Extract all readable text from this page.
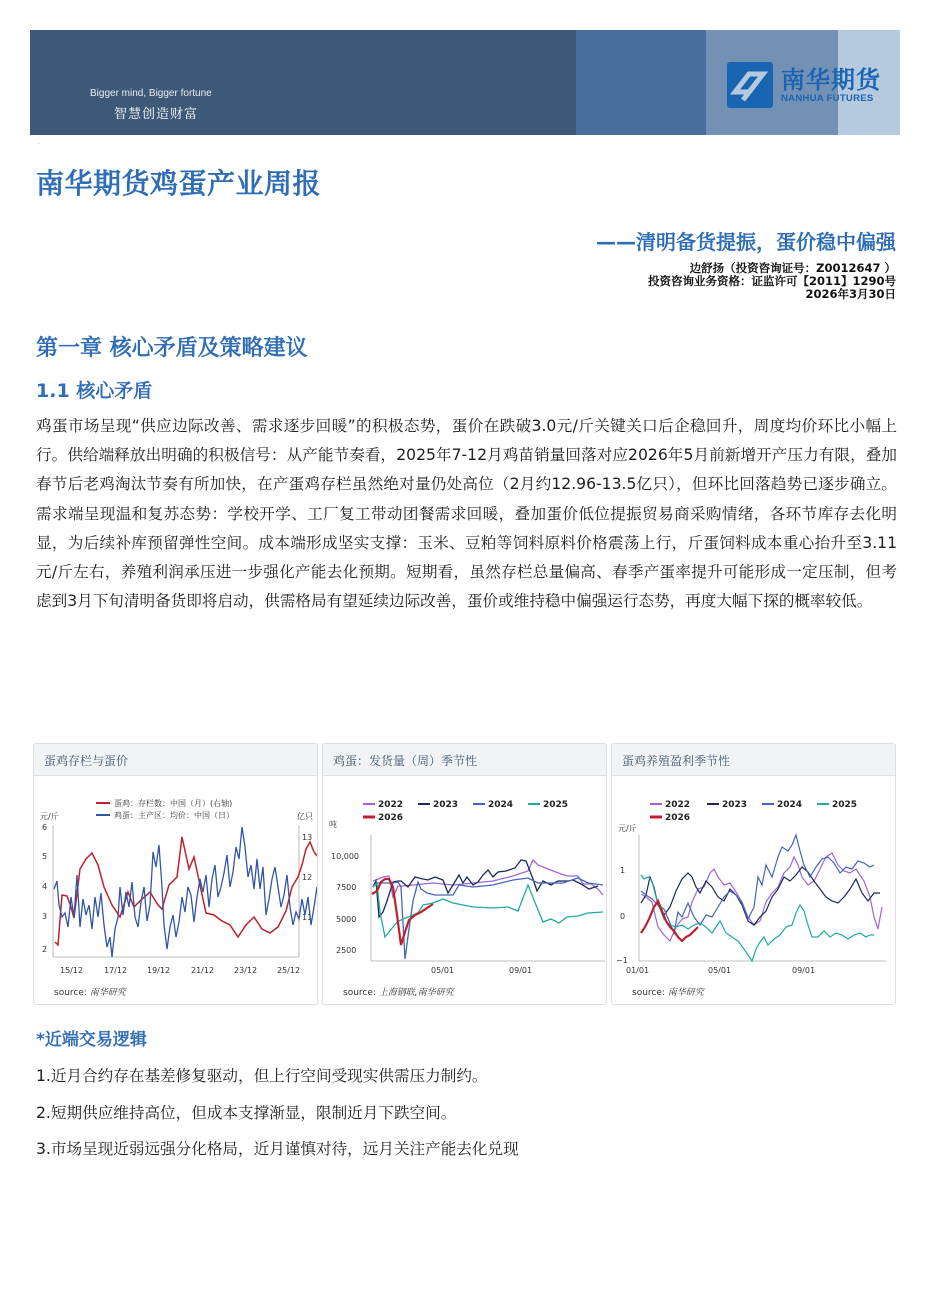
Bigger mind, Bigger fortune
智慧创造财富
南华期货
NANHUA FUTURES
·
南华期货鸡蛋产业周报
——清明备货提振，蛋价稳中偏强
边舒扬（投资咨询证号：Z0012647 ）
投资咨询业务资格：证监许可【2011】1290号
2026年3月30日
第一章 核心矛盾及策略建议
1.1 核心矛盾
鸡蛋市场呈现“供应边际改善、需求逐步回暖”的积极态势，蛋价在跌破3.0元/斤关键关口后企稳回升，周度均价环比小幅上行。供给端释放出明确的积极信号：从产能节奏看，2025年7-12月鸡苗销量回落对应2026年5月前新增开产压力有限，叠加春节后老鸡淘汰节奏有所加快，在产蛋鸡存栏虽然绝对量仍处高位（2月约12.96-13.5亿只），但环比回落趋势已逐步确立。需求端呈现温和复苏态势：学校开学、工厂复工带动团餐需求回暖，叠加蛋价低位提振贸易商采购情绪，各环节库存去化明显，为后续补库预留弹性空间。成本端形成坚实支撑：玉米、豆粕等饲料原料价格震荡上行，斤蛋饲料成本重心抬升至3.11元/斤左右，养殖利润承压进一步强化产能去化预期。短期看，虽然存栏总量偏高、春季产蛋率提升可能形成一定压制，但考虑到3月下旬清明备货即将启动，供需格局有望延续边际改善，蛋价或维持稳中偏强运行态势，再度大幅下探的概率较低。
蛋鸡存栏与蛋价
蛋鸡：存栏数：中国（月）(右轴)
鸡蛋：主产区：均价：中国（日）
元/斤	亿只
6
5
4
3
2
13
12
11
15/12	17/12 19/12	21/12 23/12 25/12
source: 南华研究
鸡蛋：发货量（周）季节性
2022	2023	2024	2025
2026
吨
10,000
7500
5000
2500
05/01	09/01
source: 上海钢联,南华研究
蛋鸡养殖盈利季节性
2022	2023	2024	2025
2026
元/斤
1
0
−1
01/01	05/01	09/01
source: 南华研究
*近端交易逻辑
1.近月合约存在基差修复驱动，但上行空间受现实供需压力制约。
2.短期供应维持高位，但成本支撑渐显，限制近月下跌空间。
3.市场呈现近弱远强分化格局，近月谨慎对待，远月关注产能去化兑现
